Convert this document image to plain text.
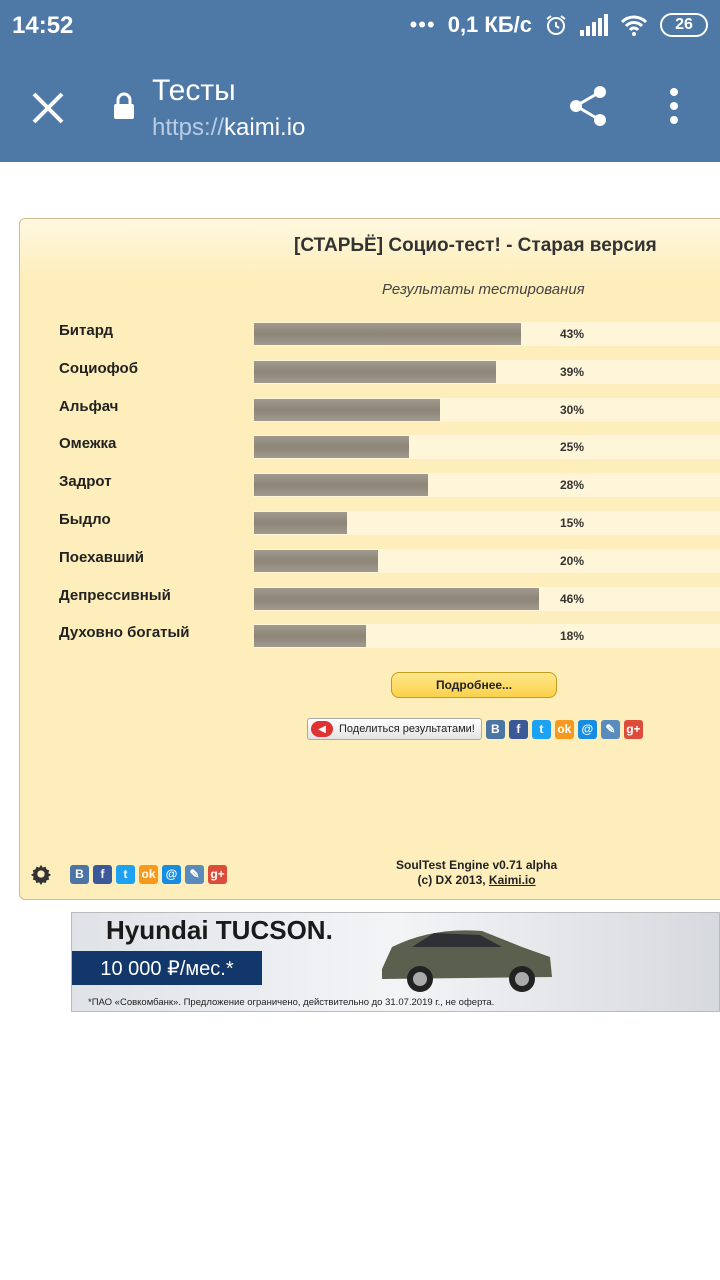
14:52	••• 0,1 КБ/с	26
Тесты
https://kaimi.io
[СТАРЬЁ] Социо-тест! - Старая версия
Результаты тестирования
Битард	43%
Социофоб	39%
Альфач	30%
Омежка	25%
Задрот	28%
Быдло	15%
Поехавший	20%
Депрессивный	46%
Духовно богатый	18%
Подробнее...
◀	Поделиться результатами!	B	f	t	ok @	✎ g+
B	f	t	ok @	✎ g+
SoulTest Engine v0.71 alpha
(c) DX 2013, Kaimi.io
Hyundai TUCSON.
10 000 ₽/мес.*
*ПАО «Совкомбанк». Предложение ограничено, действительно до 31.07.2019 г., не оферта.
